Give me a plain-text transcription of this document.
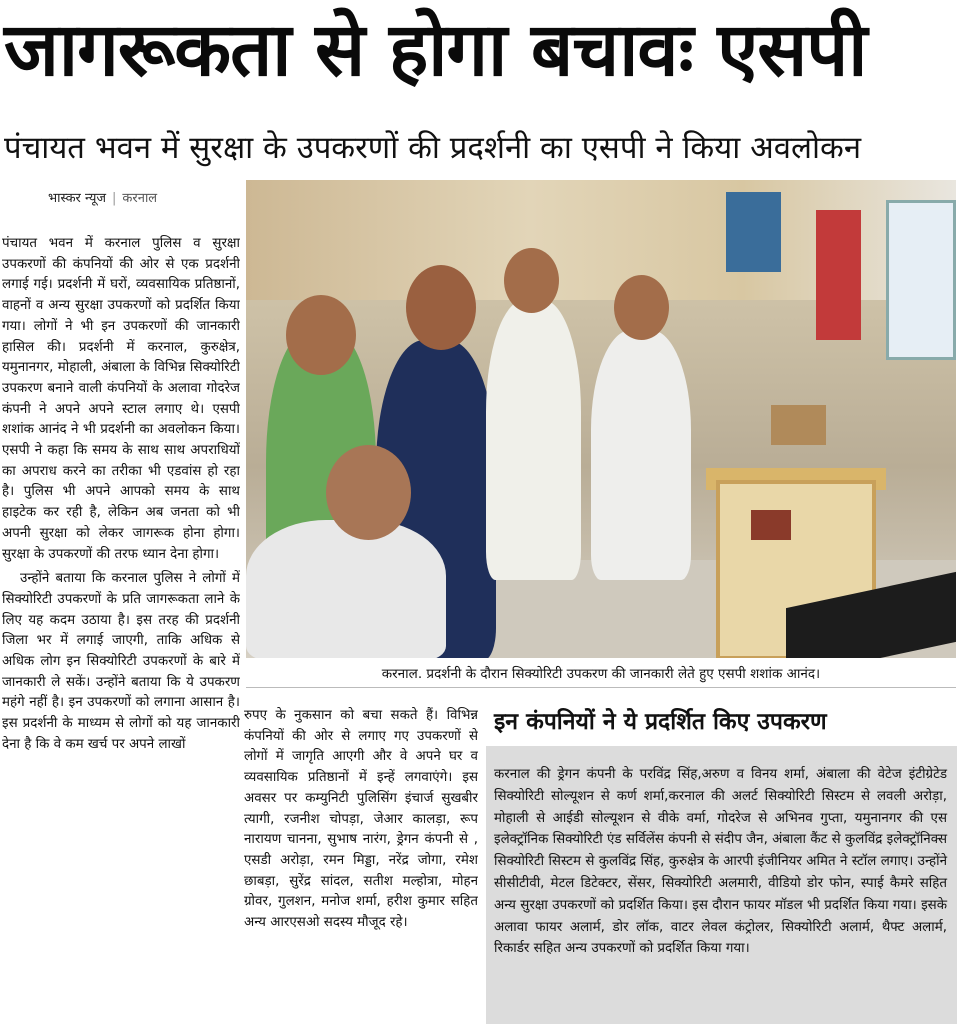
जागरूकता से होगा बचावः एसपी
पंचायत भवन में सुरक्षा के उपकरणों की प्रदर्शनी का एसपी ने किया अवलोकन
भास्कर न्यूज | करनाल

पंचायत भवन में करनाल पुलिस व सुरक्षा उपकरणों की कंपनियों की ओर से एक प्रदर्शनी लगाई गई। प्रदर्शनी में घरों, व्यवसायिक प्रतिष्ठानों, वाहनों व अन्य सुरक्षा उपकरणों को प्रदर्शित किया गया। लोगों ने भी इन उपकरणों की जानकारी हासिल की। प्रदर्शनी में करनाल, कुरुक्षेत्र, यमुनानगर, मोहाली, अंबाला के विभिन्न सिक्योरिटी उपकरण बनाने वाली कंपनियों के अलावा गोदरेज कंपनी ने अपने अपने स्टाल लगाए थे। एसपी शशांक आनंद ने भी प्रदर्शनी का अवलोकन किया। एसपी ने कहा कि समय के साथ साथ अपराधियों का अपराध करने का तरीका भी एडवांस हो रहा है। पुलिस भी अपने आपको समय के साथ हाइटेक कर रही है, लेकिन अब जनता को भी अपनी सुरक्षा को लेकर जागरूक होना होगा। सुरक्षा के उपकरणों की तरफ ध्यान देना होगा।

उन्होंने बताया कि करनाल पुलिस ने लोगों में सिक्योरिटी उपकरणों के प्रति जागरूकता लाने के लिए यह कदम उठाया है। इस तरह की प्रदर्शनी जिला भर में लगाई जाएगी, ताकि अधिक से अधिक लोग इन सिक्योरिटी उपकरणों के बारे में जानकारी ले सकें। उन्होंने बताया कि ये उपकरण महंगे नहीं है। इन उपकरणों को लगाना आसान है। इस प्रदर्शनी के माध्यम से लोगों को यह जानकारी देना है कि वे कम खर्च पर अपने लाखों

करनाल. प्रदर्शनी के दौरान सिक्योरिटी उपकरण की जानकारी लेते हुए एसपी शशांक आनंद।

रुपए के नुकसान को बचा सकते हैं। विभिन्न कंपनियों की ओर से लगाए गए उपकरणों से लोगों में जागृति आएगी और वे अपने घर व व्यवसायिक प्रतिष्ठानों में इन्हें लगवाएंगे। इस अवसर पर कम्युनिटी पुलिसिंग इंचार्ज सुखबीर त्यागी, रजनीश चोपड़ा, जेआर कालड़ा, रूप नारायण चानना, सुभाष नारंग, ड्रेगन कंपनी से , एसडी अरोड़ा, रमन मिड्डा, नरेंद्र जोगा, रमेश छाबड़ा, सुरेंद्र सांदल, सतीश मल्होत्रा, मोहन ग्रोवर, गुलशन, मनोज शर्मा, हरीश कुमार सहित अन्य आरएसओ सदस्य मौजूद रहे।

इन कंपनियों ने ये प्रदर्शित किए उपकरण
करनाल की ड्रेगन कंपनी के परविंद्र सिंह,अरुण व विनय शर्मा, अंबाला की वेटेज इंटीग्रेटेड सिक्योरिटी सोल्यूशन से कर्ण शर्मा,करनाल की अलर्ट सिक्योरिटी सिस्टम से लवली अरोड़ा, मोहाली से आईडी सोल्यूशन से वीके वर्मा, गोदरेज से अभिनव गुप्ता, यमुनानगर की एस इलेक्ट्रॉनिक सिक्योरिटी एंड सर्विलेंस कंपनी से संदीप जैन, अंबाला कैंट से कुलविंद्र इलेक्ट्रॉनिक्स सिक्योरिटी सिस्टम से कुलविंद्र सिंह, कुरुक्षेत्र के आरपी इंजीनियर अमित ने स्टॉल लगाए। उन्होंने सीसीटीवी, मेटल डिटेक्टर, सेंसर, सिक्योरिटी अलमारी, वीडियो डोर फोन, स्पाई कैमरे सहित अन्य सुरक्षा उपकरणों को प्रदर्शित किया। इस दौरान फायर मॉडल भी प्रदर्शित किया गया। इसके अलावा फायर अलार्म, डोर लॉक, वाटर लेवल कंट्रोलर, सिक्योरिटी अलार्म, थैफ्ट अलार्म, रिकार्डर सहित अन्य उपकरणों को प्रदर्शित किया गया।
